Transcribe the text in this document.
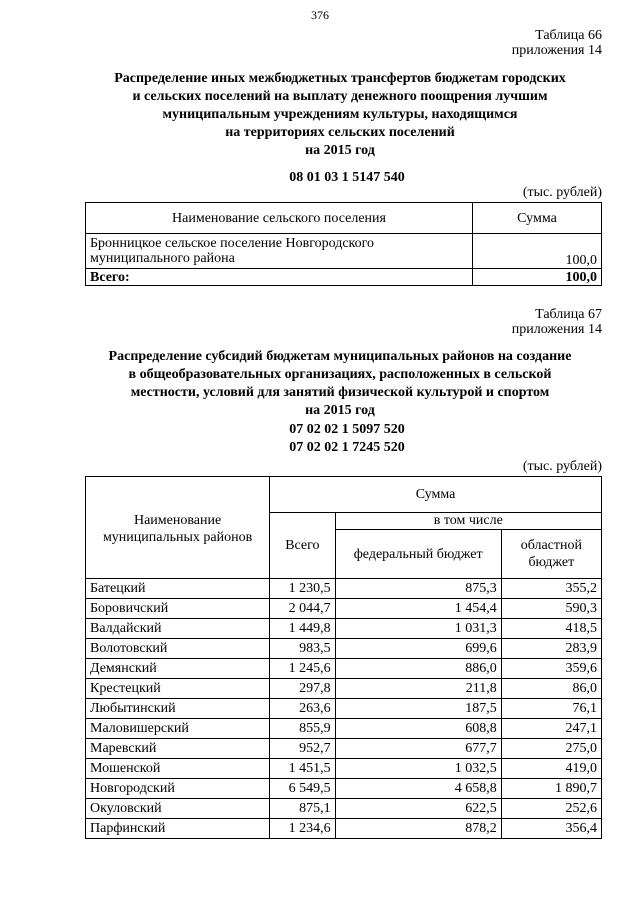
376
Таблица 66
приложения 14
Распределение иных межбюджетных трансфертов бюджетам городских
и сельских поселений на выплату денежного поощрения лучшим
муниципальным учреждениям культуры, находящимся
на территориях сельских поселений
на 2015 год
08 01 03 1 5147 540
(тыс. рублей)
Наименование сельского поселения	Сумма
Бронницкое сельское поселение Новгородского муниципального района	100,0
Всего:	100,0
Таблица 67
приложения 14
Распределение субсидий бюджетам муниципальных районов на создание
в общеобразовательных организациях, расположенных в сельской
местности, условий для занятий физической культурой и спортом
на 2015 год
07 02 02 1 5097 520
07 02 02 1 7245 520
(тыс. рублей)
Наименование муниципальных районов	Сумма		
	Всего	в том числе	
		федеральный бюджет	областной бюджет
Батецкий	1 230,5	875,3	355,2
Боровичский	2 044,7	1 454,4	590,3
Валдайский	1 449,8	1 031,3	418,5
Волотовский	983,5	699,6	283,9
Демянский	1 245,6	886,0	359,6
Крестецкий	297,8	211,8	86,0
Любытинский	263,6	187,5	76,1
Маловишерский	855,9	608,8	247,1
Маревский	952,7	677,7	275,0
Мошенской	1 451,5	1 032,5	419,0
Новгородский	6 549,5	4 658,8	1 890,7
Окуловский	875,1	622,5	252,6
Парфинский	1 234,6	878,2	356,4
